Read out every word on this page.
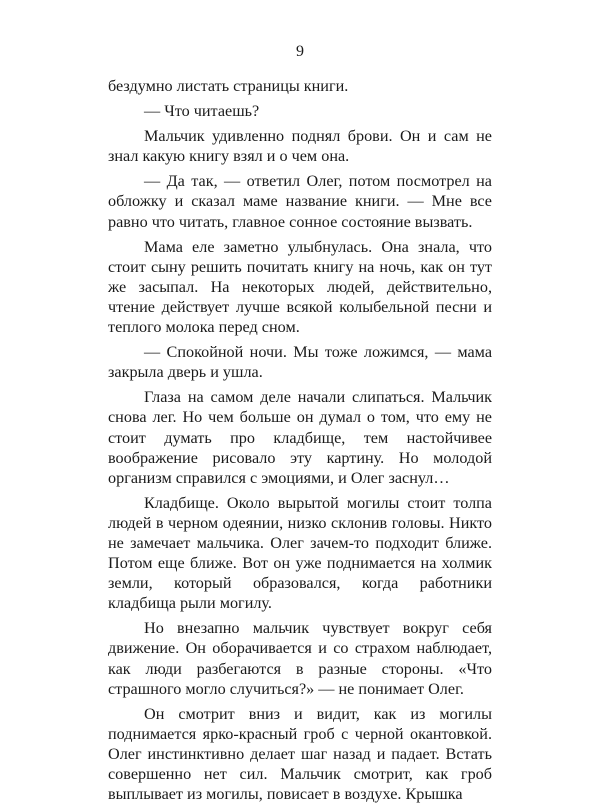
9

бездумно листать страницы книги.

— Что читаешь?

Мальчик удивленно поднял брови. Он и сам не знал какую книгу взял и о чем она.

— Да так, — ответил Олег, потом посмотрел на обложку и сказал маме название книги. — Мне все равно что читать, главное сонное состояние вызвать.

Мама еле заметно улыбнулась. Она знала, что стоит сыну решить почитать книгу на ночь, как он тут же засыпал. На некоторых людей, действительно, чтение действует лучше всякой колыбельной песни и теплого молока перед сном.

— Спокойной ночи. Мы тоже ложимся, — мама закрыла дверь и ушла.

Глаза на самом деле начали слипаться. Мальчик снова лег. Но чем больше он думал о том, что ему не стоит думать про кладбище, тем настойчивее воображение рисовало эту картину. Но молодой организм справился с эмоциями, и Олег заснул…

Кладбище. Около вырытой могилы стоит толпа людей в черном одеянии, низко склонив головы. Никто не замечает мальчика. Олег зачем-то подходит ближе. Потом еще ближе. Вот он уже поднимается на холмик земли, который образовался, когда работники кладбища рыли могилу.

Но внезапно мальчик чувствует вокруг себя движение. Он оборачивается и со страхом наблюдает, как люди разбегаются в разные стороны. «Что страшного могло случиться?» — не понимает Олег.

Он смотрит вниз и видит, как из могилы поднимается ярко-красный гроб с черной окантовкой. Олег инстинктивно делает шаг назад и падает. Встать совершенно нет сил. Мальчик смотрит, как гроб выплывает из могилы, повисает в воздухе. Крышка
